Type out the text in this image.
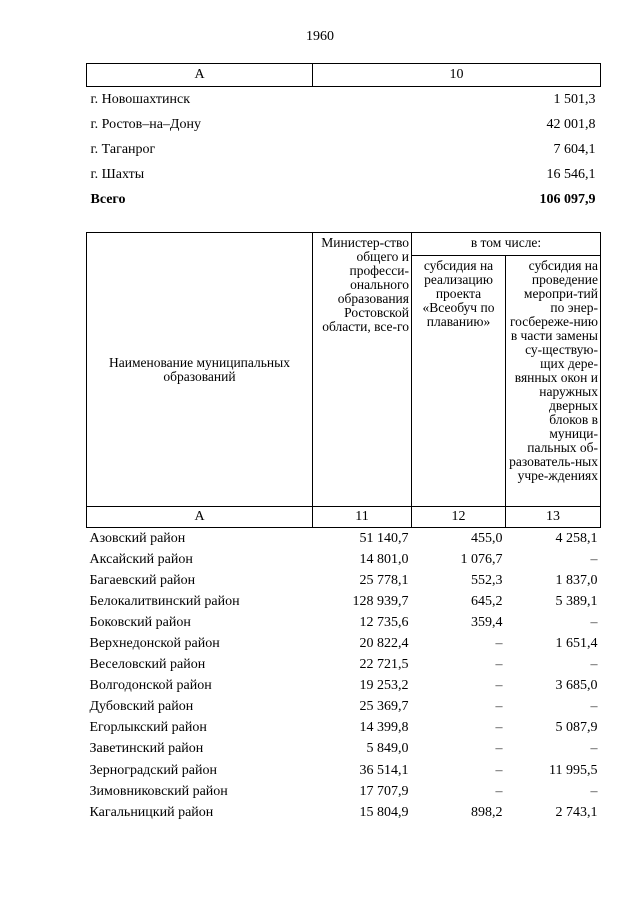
1960
А	10
г. Новошахтинск	1 501,3
г. Ростов–на–Дону	42 001,8
г. Таганрог	7 604,1
г. Шахты	16 546,1
Всего	106 097,9
Наименование муниципальных образований	Министер-ство общего и професси-онального образования Ростовской области, все-го	в том числе:	
		субсидия на реализацию проекта «Всеобуч по плаванию»	субсидия на проведение меропри-тий по энер-госбереже-нию в части замены су-ществую-щих дере-вянных окон и наружных дверных блоков в муници-пальных об-разователь-ных учре-ждениях
А	11	12	13
Азовский район	51 140,7	455,0	4 258,1
Аксайский район	14 801,0	1 076,7	–
Багаевский район	25 778,1	552,3	1 837,0
Белокалитвинский район	128 939,7	645,2	5 389,1
Боковский район	12 735,6	359,4	–
Верхнедонской район	20 822,4	–	1 651,4
Веселовский район	22 721,5	–	–
Волгодонской район	19 253,2	–	3 685,0
Дубовский район	25 369,7	–	–
Егорлыкский район	14 399,8	–	5 087,9
Заветинский район	5 849,0	–	–
Зерноградский район	36 514,1	–	11 995,5
Зимовниковский район	17 707,9	–	–
Кагальницкий район	15 804,9	898,2	2 743,1
